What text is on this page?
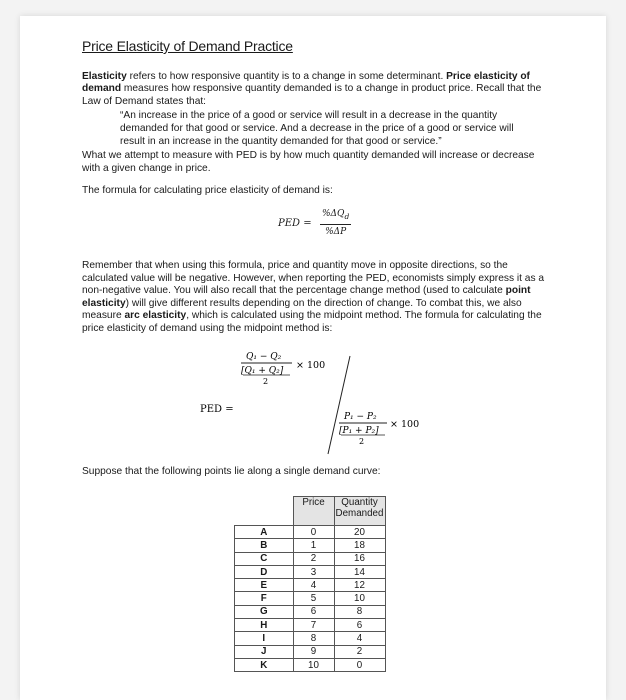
Price Elasticity of Demand Practice

Elasticity refers to how responsive quantity is to a change in some determinant. Price elasticity of demand measures how responsive quantity demanded is to a change in product price. Recall that the Law of Demand states that:

“An increase in the price of a good or service will result in a decrease in the quantity demanded for that good or service. And a decrease in the price of a good or service will result in an increase in the quantity demanded for that good or service.”

What we attempt to measure with PED is by how much quantity demanded will increase or decrease with a given change in price.

The formula for calculating price elasticity of demand is:

PED =
$\%\Delta Q_d$
%ΔP

Remember that when using this formula, price and quantity move in opposite directions, so the calculated value will be negative. However, when reporting the PED, economists simply express it as a non-negative value. You will also recall that the percentage change method (used to calculate point elasticity) will give different results depending on the direction of change. To combat this, we also measure arc elasticity, which is calculated using the midpoint method. The formula for calculating the price elasticity of demand using the midpoint method is:

PED =
Q₁ − Q₂
[Q₁ + Q₂]
2
× 100
P₁ − P₂
[P₁ + P₂]
2
× 100

Suppose that the following points lie along a single demand curve:

	Price	Quantity Demanded
A	0	20
B	1	18
C	2	16
D	3	14
E	4	12
F	5	10
G	6	8
H	7	6
I	8	4
J	9	2
K	10	0
